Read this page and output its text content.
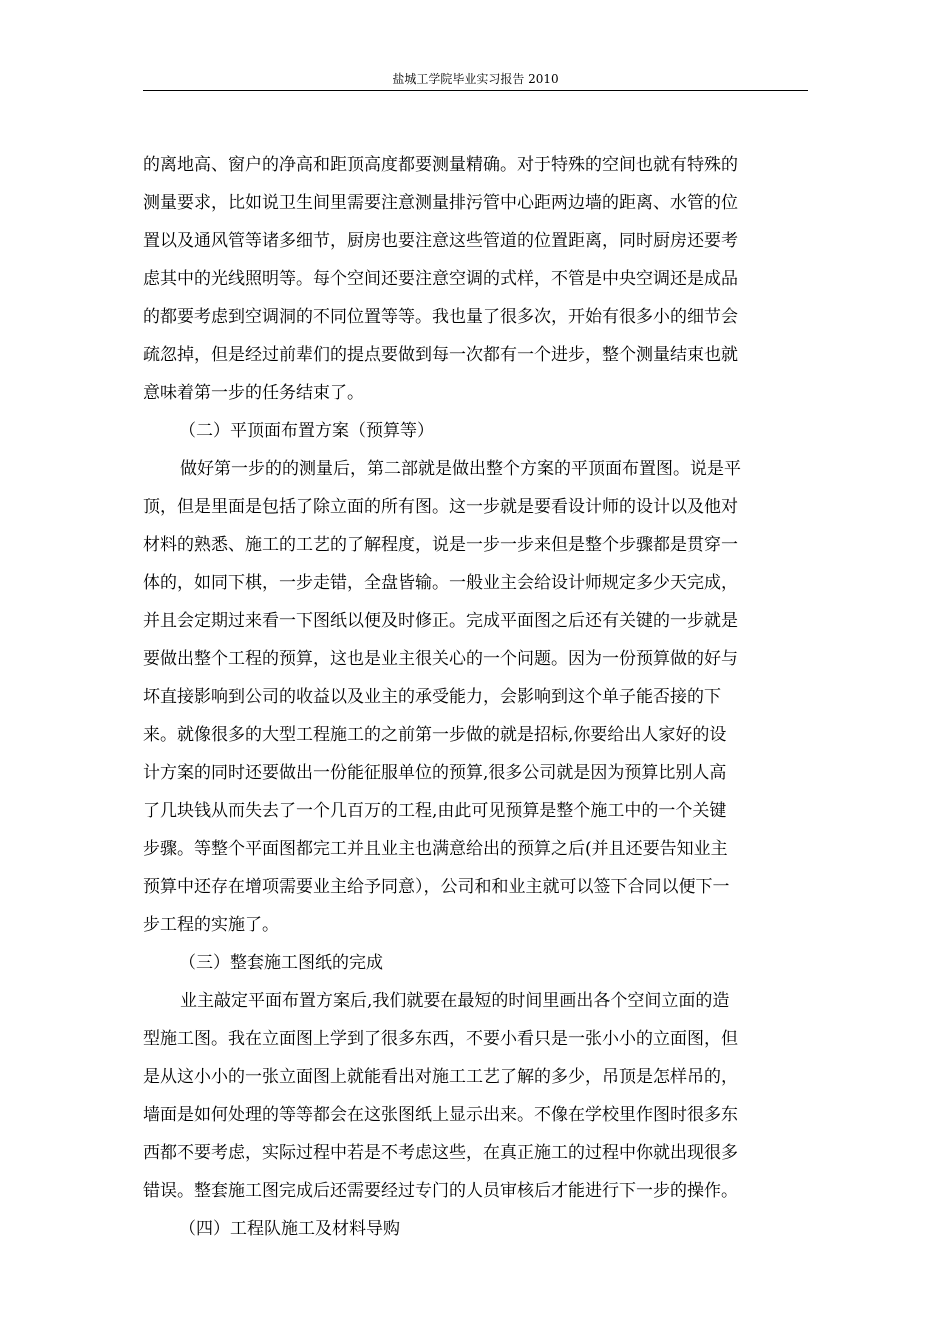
盐城工学院毕业实习报告 2010
的离地高、窗户的净高和距顶高度都要测量精确。对于特殊的空间也就有特殊的
测量要求，比如说卫生间里需要注意测量排污管中心距两边墙的距离、水管的位
置以及通风管等诸多细节，厨房也要注意这些管道的位置距离，同时厨房还要考
虑其中的光线照明等。每个空间还要注意空调的式样，不管是中央空调还是成品
的都要考虑到空调洞的不同位置等等。我也量了很多次，开始有很多小的细节会
疏忽掉，但是经过前辈们的提点要做到每一次都有一个进步，整个测量结束也就
意味着第一步的任务结束了。
（二）平顶面布置方案（预算等）
做好第一步的的测量后，第二部就是做出整个方案的平顶面布置图。说是平
顶，但是里面是包括了除立面的所有图。这一步就是要看设计师的设计以及他对
材料的熟悉、施工的工艺的了解程度，说是一步一步来但是整个步骤都是贯穿一
体的，如同下棋，一步走错，全盘皆输。一般业主会给设计师规定多少天完成，
并且会定期过来看一下图纸以便及时修正。完成平面图之后还有关键的一步就是
要做出整个工程的预算，这也是业主很关心的一个问题。因为一份预算做的好与
坏直接影响到公司的收益以及业主的承受能力，会影响到这个单子能否接的下
来。就像很多的大型工程施工的之前第一步做的就是招标,你要给出人家好的设
计方案的同时还要做出一份能征服单位的预算,很多公司就是因为预算比别人高
了几块钱从而失去了一个几百万的工程,由此可见预算是整个施工中的一个关键
步骤。等整个平面图都完工并且业主也满意给出的预算之后(并且还要告知业主
预算中还存在增项需要业主给予同意），公司和和业主就可以签下合同以便下一
步工程的实施了。
（三）整套施工图纸的完成
业主敲定平面布置方案后,我们就要在最短的时间里画出各个空间立面的造
型施工图。我在立面图上学到了很多东西，不要小看只是一张小小的立面图，但
是从这小小的一张立面图上就能看出对施工工艺了解的多少，吊顶是怎样吊的，
墙面是如何处理的等等都会在这张图纸上显示出来。不像在学校里作图时很多东
西都不要考虑，实际过程中若是不考虑这些，在真正施工的过程中你就出现很多
错误。整套施工图完成后还需要经过专门的人员审核后才能进行下一步的操作。
（四）工程队施工及材料导购
